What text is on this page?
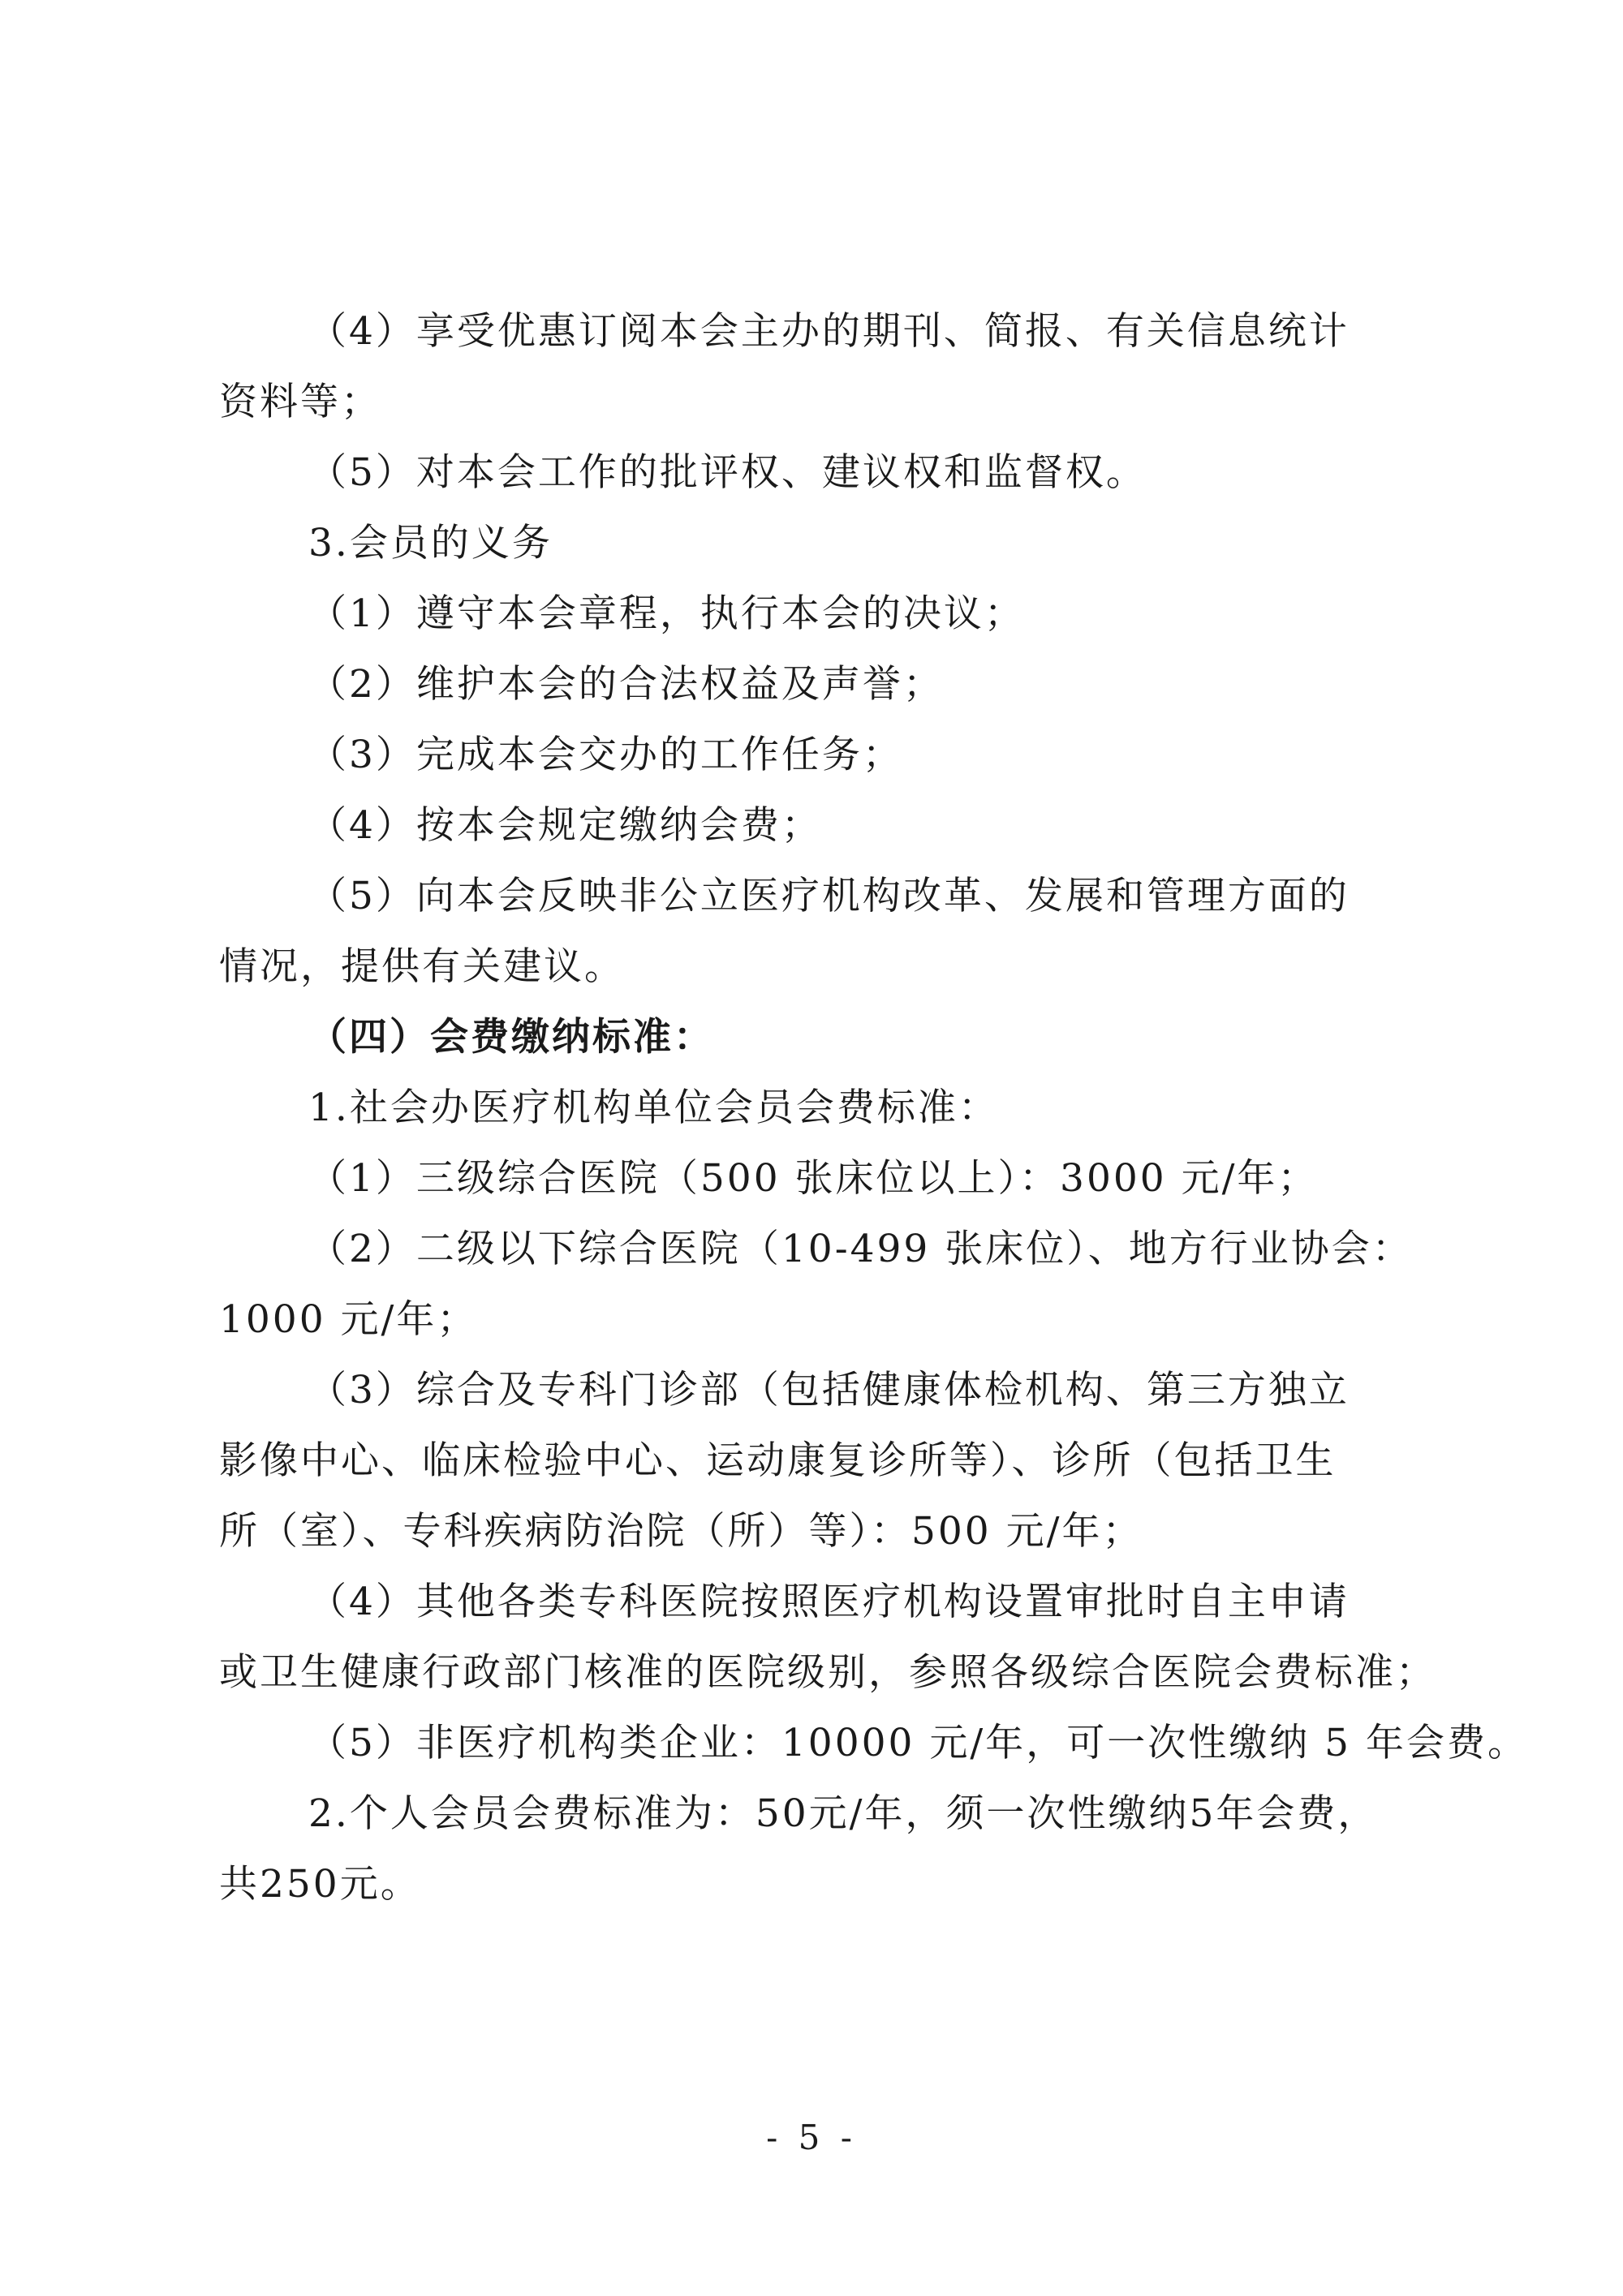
（4）享受优惠订阅本会主办的期刊、简报、有关信息统计
资料等；
（5）对本会工作的批评权、建议权和监督权。
3.会员的义务
（1）遵守本会章程，执行本会的决议；
（2）维护本会的合法权益及声誉；
（3）完成本会交办的工作任务；
（4）按本会规定缴纳会费；
（5）向本会反映非公立医疗机构改革、发展和管理方面的
情况，提供有关建议。
（四）会费缴纳标准：
1.社会办医疗机构单位会员会费标准：
（1）三级综合医院（500 张床位以上）：3000 元/年；
（2）二级以下综合医院（10-499 张床位）、地方行业协会：
1000 元/年；
（3）综合及专科门诊部（包括健康体检机构、第三方独立
影像中心、临床检验中心、运动康复诊所等）、诊所（包括卫生
所（室）、专科疾病防治院（所）等）：500 元/年；
（4）其他各类专科医院按照医疗机构设置审批时自主申请
或卫生健康行政部门核准的医院级别，参照各级综合医院会费标准；
（5）非医疗机构类企业：10000 元/年，可一次性缴纳 5 年会费。
2.个人会员会费标准为：50元/年，须一次性缴纳5年会费，
共250元。
- 5 -
